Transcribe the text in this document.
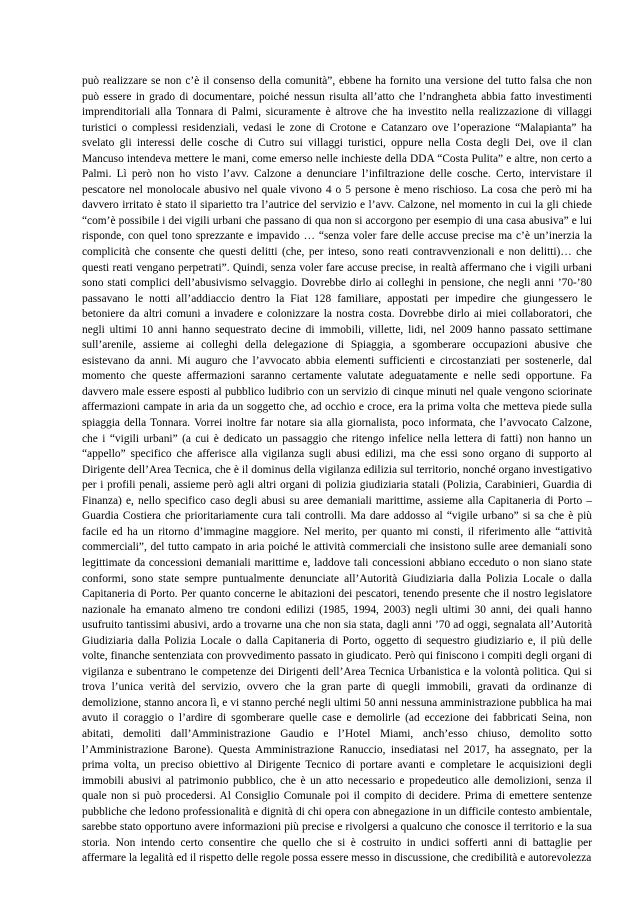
può realizzare se non c’è il consenso della comunità”, ebbene ha fornito una versione del tutto falsa che non può essere in grado di documentare, poiché nessun risulta all’atto che l’ndrangheta abbia fatto investimenti imprenditoriali alla Tonnara di Palmi, sicuramente è altrove che ha investito nella realizzazione di villaggi turistici o complessi residenziali, vedasi le zone di Crotone e Catanzaro ove l’operazione “Malapianta” ha svelato gli interessi delle cosche di Cutro sui villaggi turistici, oppure nella Costa degli Dei, ove il clan Mancuso intendeva mettere le mani, come emerso nelle inchieste della DDA “Costa Pulita” e altre, non certo a Palmi. Lì però non ho visto l’avv. Calzone a denunciare l’infiltrazione delle cosche. Certo, intervistare il pescatore nel monolocale abusivo nel quale vivono 4 o 5 persone è meno rischioso. La cosa che però mi ha davvero irritato è stato il siparietto tra l’autrice del servizio e l’avv. Calzone, nel momento in cui la gli chiede “com’è possibile i dei vigili urbani che passano di qua non si accorgono per esempio di una casa abusiva” e lui risponde, con quel tono sprezzante e impavido … “senza voler fare delle accuse precise ma c’è un’inerzia la complicità che consente che questi delitti (che, per inteso, sono reati contravvenzionali e non delitti)… che questi reati vengano perpetrati”. Quindi, senza voler fare accuse precise, in realtà affermano che i vigili urbani sono stati complici dell’abusivismo selvaggio. Dovrebbe dirlo ai colleghi in pensione, che negli anni ’70-’80 passavano le notti all’addiaccio dentro la Fiat 128 familiare, appostati per impedire che giungessero le betoniere da altri comuni a invadere e colonizzare la nostra costa. Dovrebbe dirlo ai miei collaboratori, che negli ultimi 10 anni hanno sequestrato decine di immobili, villette, lidi, nel 2009 hanno passato settimane sull’arenile, assieme ai colleghi della delegazione di Spiaggia, a sgomberare occupazioni abusive che esistevano da anni. Mi auguro che l’avvocato abbia elementi sufficienti e circostanziati per sostenerle, dal momento che queste affermazioni saranno certamente valutate adeguatamente e nelle sedi opportune. Fa davvero male essere esposti al pubblico ludibrio con un servizio di cinque minuti nel quale vengono sciorinate affermazioni campate in aria da un soggetto che, ad occhio e croce, era la prima volta che metteva piede sulla spiaggia della Tonnara. Vorrei inoltre far notare sia alla giornalista, poco informata, che l’avvocato Calzone, che i “vigili urbani” (a cui è dedicato un passaggio che ritengo infelice nella lettera di fatti) non hanno un “appello” specifico che afferisce alla vigilanza sugli abusi edilizi, ma che essi sono organo di supporto al Dirigente dell’Area Tecnica, che è il dominus della vigilanza edilizia sul territorio, nonché organo investigativo per i profili penali, assieme però agli altri organi di polizia giudiziaria statali (Polizia, Carabinieri, Guardia di Finanza) e, nello specifico caso degli abusi su aree demaniali marittime, assieme alla Capitaneria di Porto – Guardia Costiera che prioritariamente cura tali controlli. Ma dare addosso al “vigile urbano” si sa che è più facile ed ha un ritorno d’immagine maggiore. Nel merito, per quanto mi consti, il riferimento alle “attività commerciali”, del tutto campato in aria poiché le attività commerciali che insistono sulle aree demaniali sono legittimate da concessioni demaniali marittime e, laddove tali concessioni abbiano ecceduto o non siano state conformi, sono state sempre puntualmente denunciate all’Autorità Giudiziaria dalla Polizia Locale o dalla Capitaneria di Porto. Per quanto concerne le abitazioni dei pescatori, tenendo presente che il nostro legislatore nazionale ha emanato almeno tre condoni edilizi (1985, 1994, 2003) negli ultimi 30 anni, dei quali hanno usufruito tantissimi abusivi, ardo a trovarne una che non sia stata, dagli anni ’70 ad oggi, segnalata all’Autorità Giudiziaria dalla Polizia Locale o dalla Capitaneria di Porto, oggetto di sequestro giudiziario e, il più delle volte, finanche sentenziata con provvedimento passato in giudicato. Però qui finiscono i compiti degli organi di vigilanza e subentrano le competenze dei Dirigenti dell’Area Tecnica Urbanistica e la volontà politica. Qui si trova l’unica verità del servizio, ovvero che la gran parte di quegli immobili, gravati da ordinanze di demolizione, stanno ancora lì, e vi stanno perché negli ultimi 50 anni nessuna amministrazione pubblica ha mai avuto il coraggio o l’ardire di sgomberare quelle case e demolirle (ad eccezione dei fabbricati Seina, non abitati, demoliti dall’Amministrazione Gaudio e l’Hotel Miami, anch’esso chiuso, demolito sotto l’Amministrazione Barone). Questa Amministrazione Ranuccio, insediatasi nel 2017, ha assegnato, per la prima volta, un preciso obiettivo al Dirigente Tecnico di portare avanti e completare le acquisizioni degli immobili abusivi al patrimonio pubblico, che è un atto necessario e propedeutico alle demolizioni, senza il quale non si può procedersi. Al Consiglio Comunale poi il compito di decidere. Prima di emettere sentenze pubbliche che ledono professionalità e dignità di chi opera con abnegazione in un difficile contesto ambientale, sarebbe stato opportuno avere informazioni più precise e rivolgersi a qualcuno che conosce il territorio e la sua storia. Non intendo certo consentire che quello che si è costruito in undici sofferti anni di battaglie per affermare la legalità ed il rispetto delle regole possa essere messo in discussione, che credibilità e autorevolezza
